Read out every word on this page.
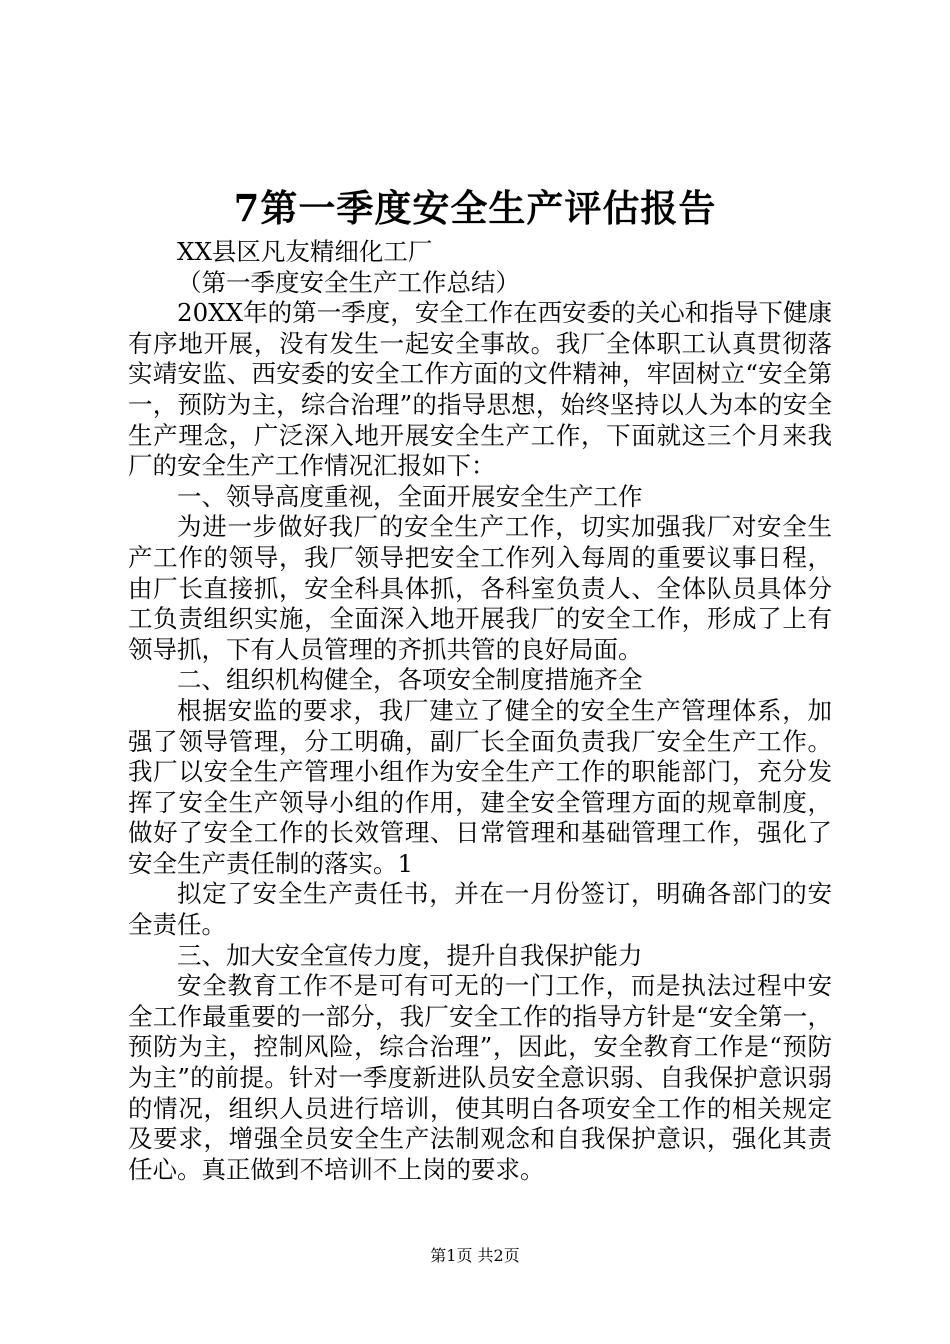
7第一季度安全生产评估报告

XX县区凡友精细化工厂

（第一季度安全生产工作总结）

20XX年的第一季度，安全工作在西安委的关心和指导下健康有序地开展，没有发生一起安全事故。我厂全体职工认真贯彻落实靖安监、西安委的安全工作方面的文件精神，牢固树立“安全第一，预防为主，综合治理”的指导思想，始终坚持以人为本的安全生产理念，广泛深入地开展安全生产工作，下面就这三个月来我厂的安全生产工作情况汇报如下：

一、领导高度重视，全面开展安全生产工作

为进一步做好我厂的安全生产工作，切实加强我厂对安全生产工作的领导，我厂领导把安全工作列入每周的重要议事日程，由厂长直接抓，安全科具体抓，各科室负责人、全体队员具体分工负责组织实施，全面深入地开展我厂的安全工作，形成了上有领导抓，下有人员管理的齐抓共管的良好局面。

二、组织机构健全，各项安全制度措施齐全

根据安监的要求，我厂建立了健全的安全生产管理体系，加强了领导管理，分工明确，副厂长全面负责我厂安全生产工作。我厂以安全生产管理小组作为安全生产工作的职能部门，充分发挥了安全生产领导小组的作用，建全安全管理方面的规章制度，做好了安全工作的长效管理、日常管理和基础管理工作，强化了安全生产责任制的落实。1

拟定了安全生产责任书，并在一月份签订，明确各部门的安全责任。

三、加大安全宣传力度，提升自我保护能力

安全教育工作不是可有可无的一门工作，而是执法过程中安全工作最重要的一部分，我厂安全工作的指导方针是“安全第一，预防为主，控制风险，综合治理”，因此，安全教育工作是“预防为主”的前提。针对一季度新进队员安全意识弱、自我保护意识弱的情况，组织人员进行培训，使其明白各项安全工作的相关规定及要求，增强全员安全生产法制观念和自我保护意识，强化其责任心。真正做到不培训不上岗的要求。

第1页 共2页
